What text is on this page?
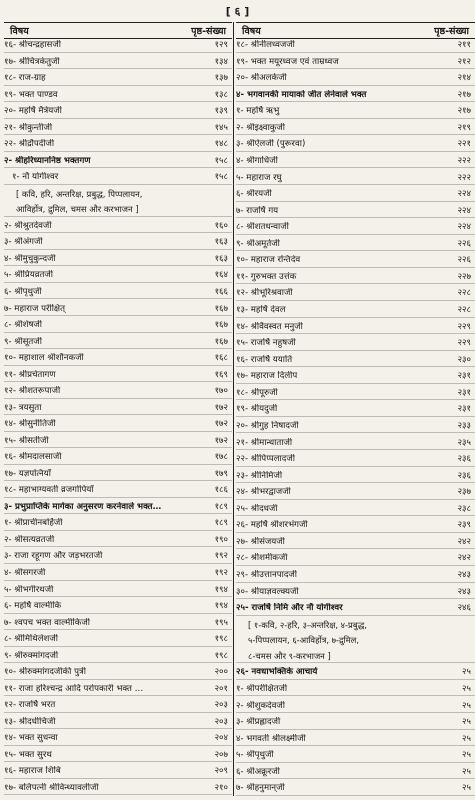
[ ६ ]
विषय	पृष्ठ-संख्या
१६- श्रीचन्द्रहासजी	१२९
१७- श्रीचित्रकेतुजी	१३४
१८- राज-ग्राह	१३७
१९- भक्त पाण्डव	१३८
२०- महर्षि मैत्रेयजी	१३९
२१- श्रीकुन्तीजी	१४५
२२- श्रीद्रौपदीजी	१४८
२- श्रीहरिध्याननिष्ठ भक्तगण	१५८
१- नौ योगीश्वर	१५८
[ कवि, हरि, अन्तरिक्ष, प्रबुद्ध, पिप्पलायन,
आविर्होत्र, द्रुमिल, चमस और करभाजन ]
२- श्रीश्रुतदेवजी	१६०
३- श्रीअंगजी	१६३
४- श्रीमुचुकुन्दजी	१६३
५- श्रीप्रियव्रतजी	१६४
६- श्रीपृथुजी	१६६
७- महाराज परीक्षित्	१६७
८- श्रीशेषजी	१६७
९- श्रीसूतजी	१६७
१०- महाशाल श्रीशौनकजी	१६८
११- श्रीप्रचेतागण	१६९
१२- श्रीशतरूपाजी	१७०
१३- त्रयसुता	१७२
१४- श्रीसुनीतिजी	१७२
१५- श्रीसतीजी	१७२
१६- श्रीमदालसाजी	१७८
१७- यज्ञपत्नियाँ	१७९
१८- महाभाग्यवती व्रजगोपियाँ	१८६
३- प्रभुप्राप्तिके मार्गका अनुसरण करनेवाले भक्त…	१८९
१- श्रीप्राचीनबर्हिजी	१८९
२- श्रीसत्यव्रतजी	१९०
३- राजा रहूगण और जड़भरतजी	१९२
४- श्रीसगरजी	१९२
५- श्रीभगीरथजी	१९४
६- महर्षि वाल्मीकि	१९४
७- श्वपच भक्त वाल्मीकिजी	१९५
८- श्रीमिथिलेशजी	१९८
९- श्रीरुक्मांगदजी	१९८
१०- श्रीरुक्मांगदजीकी पुत्री	२००
११- राजा हरिश्चन्द्र आदि परोपकारी भक्त …	२०१
१२- राजर्षि भरत	२०३
१३- श्रीदधीचिजी	२०३
१४- भक्त सुधन्वा	२०४
१५- भक्त सुरथ	२०७
१६- महाराज शिबि	२०९
१७- बलिपत्नी श्रीविन्ध्यावलीजी	२१०
विषय	पृष्ठ-संख्या
१८- श्रीनीलध्वजजी	२११
१९- भक्त मयूरध्वज एवं ताम्रध्वज	२१२
२०- श्रीअलर्कजी	२१४
४- भगवानकी मायाको जीत लेनेवाले भक्त	२१७
१- महर्षि ऋभु	२१७
२- श्रीइक्ष्वाकुजी	२१९
३- श्रीऐलजी (पुरूरवा)	२२१
४- श्रीगाधिजी	२२२
५- महाराज रघु	२२२
६- श्रीरयजी	२२४
७- राजर्षि गय	२२४
८- श्रीशतधन्वाजी	२२४
९- श्रीअमूर्तजी	२२६
१०- महाराज रन्तिदेव	२२६
११- गुरुभक्त उत्तंक	२२७
१२- श्रीभूरिश्रवाजी	२२८
१३- महर्षि देवल	२२८
१४- श्रीवैवस्वत मनुजी	२२९
१५- राजर्षि नहुषजी	२२९
१६- राजर्षि ययाति	२३०
१७- महाराज दिलीप	२३१
१८- श्रीपूरुजी	२३१
१९- श्रीयदुजी	२३१
२०- श्रीगुह निषादजी	२३३
२१- श्रीमान्धाताजी	२३५
२२- श्रीपिप्पलादजी	२३६
२३- श्रीनिमिजी	२३६
२४- श्रीभरद्वाजजी	२३७
२५- श्रीदधजी	२३८
२६- महर्षि श्रीशरभंगजी	२३९
२७- श्रीसंजयजी	२४२
२८- श्रीशमीकजी	२४२
२९- श्रीउत्तानपादजी	२४३
३०- श्रीयाज्ञवल्क्यजी	२४३
२५- राजर्षि निमि और नौ योगीश्वर	२४६
[ १-कवि, २-हरि, ३-अन्तरिक्ष, ४-प्रबुद्ध,
५-पिप्पलायन, ६-आविर्होत्र, ७-द्रुमिल,
८-चमस और ९-करभाजन ]
२६- नवधाभक्तिके आचार्य	२५
१- श्रीपरीक्षितजी	२५
२- श्रीशुकदेवजी	२५
३- श्रीप्रह्लादजी	२५
४- भगवती श्रीलक्ष्मीजी	२५
५- श्रीपृथुजी	२५
६- श्रीअक्रूरजी	२५
७- श्रीहनुमान्‌जी	२५
